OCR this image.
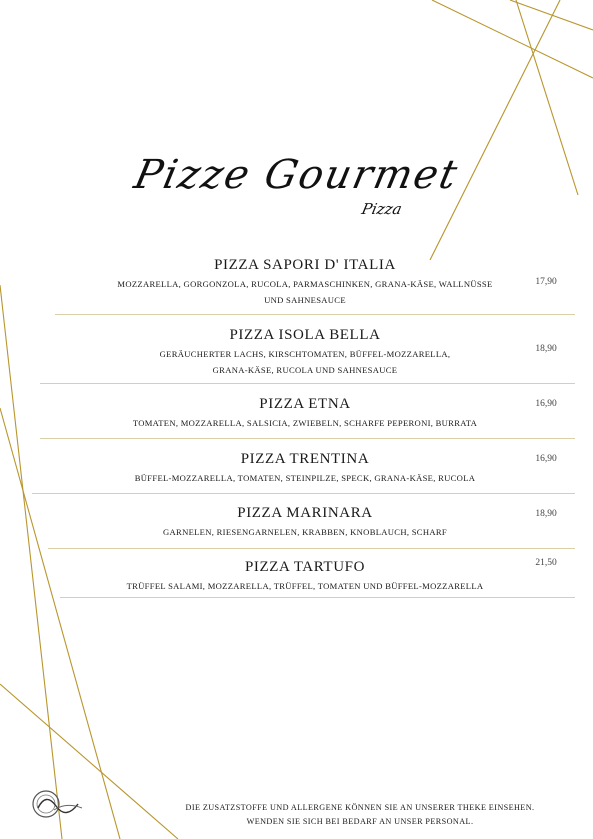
Pizze Gourmet
Pizza
PIZZA SAPORI D' ITALIA
MOZZARELLA, GORGONZOLA, RUCOLA, PARMASCHINKEN, GRANA-KÄSE, WALLNÜSSE
UND SAHNESAUCE
17,90
PIZZA ISOLA BELLA
GERÄUCHERTER LACHS, KIRSCHTOMATEN, BÜFFEL-MOZZARELLA,
GRANA-KÄSE, RUCOLA UND SAHNESAUCE
18,90
PIZZA ETNA
TOMATEN, MOZZARELLA, SALSICIA, ZWIEBELN, SCHARFE PEPERONI, BURRATA
16,90
PIZZA TRENTINA
BÜFFEL-MOZZARELLA, TOMATEN, STEINPILZE, SPECK, GRANA-KÄSE, RUCOLA
16,90
PIZZA MARINARA
GARNELEN, RIESENGARNELEN, KRABBEN, KNOBLAUCH, SCHARF
18,90
PIZZA TARTUFO
TRÜFFEL SALAMI, MOZZARELLA, TRÜFFEL, TOMATEN UND BÜFFEL-MOZZARELLA
21,50
DIE ZUSATZSTOFFE UND ALLERGENE KÖNNEN SIE AN UNSERER THEKE EINSEHEN.
WENDEN SIE SICH BEI BEDARF AN UNSER PERSONAL.
